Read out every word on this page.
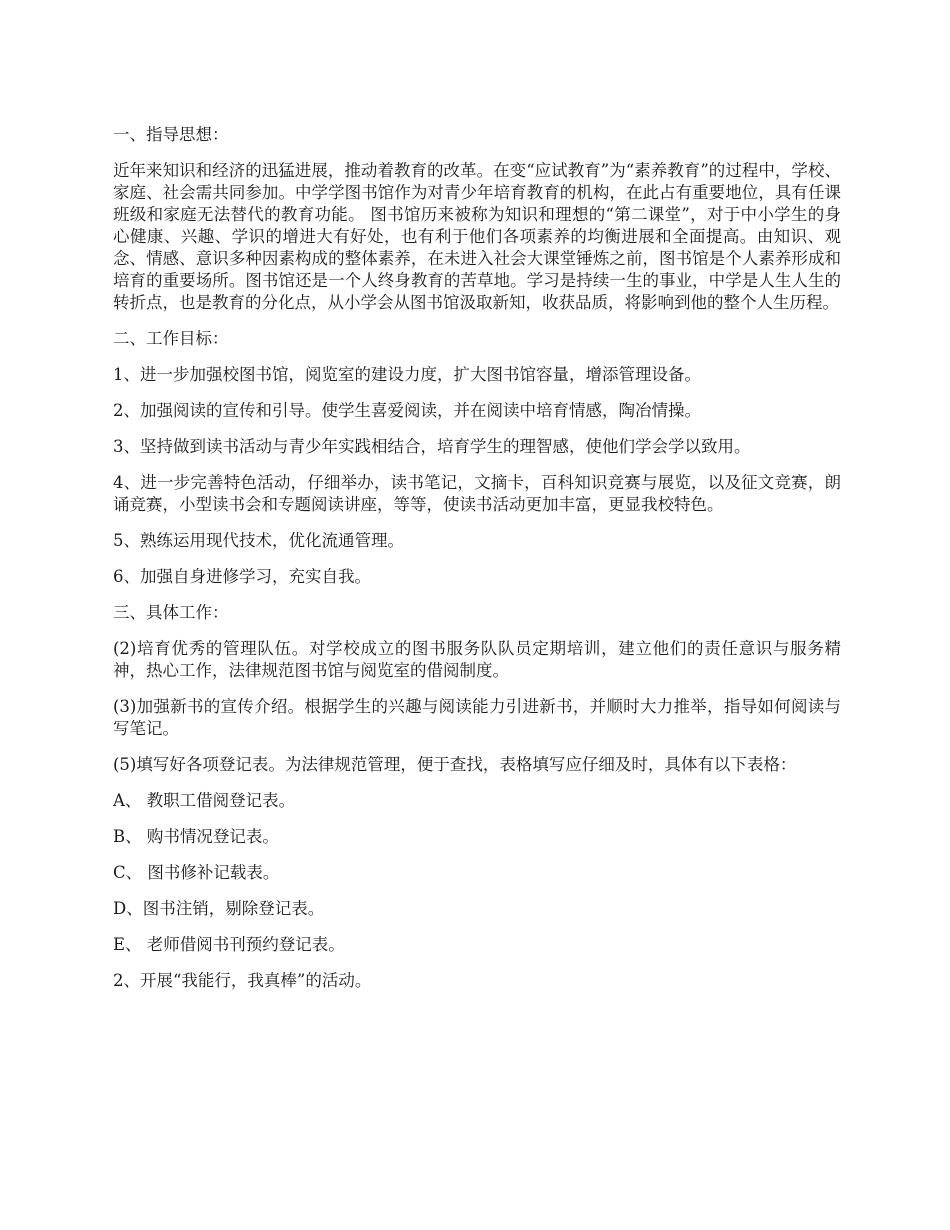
一、指导思想：

近年来知识和经济的迅猛进展，推动着教育的改革。在变“应试教育”为“素养教育”的过程中，学校、家庭、社会需共同参加。中学学图书馆作为对青少年培育教育的机构，在此占有重要地位，具有任课班级和家庭无法替代的教育功能。 图书馆历来被称为知识和理想的“第二课堂”，对于中小学生的身心健康、兴趣、学识的增进大有好处，也有利于他们各项素养的均衡进展和全面提高。由知识、观念、情感、意识多种因素构成的整体素养，在未进入社会大课堂锤炼之前，图书馆是个人素养形成和培育的重要场所。图书馆还是一个人终身教育的苦草地。学习是持续一生的事业，中学是人生人生的转折点，也是教育的分化点，从小学会从图书馆汲取新知，收获品质，将影响到他的整个人生历程。

二、工作目标：

1、进一步加强校图书馆，阅览室的建设力度，扩大图书馆容量，增添管理设备。

2、加强阅读的宣传和引导。使学生喜爱阅读，并在阅读中培育情感，陶冶情操。

3、坚持做到读书活动与青少年实践相结合，培育学生的理智感，使他们学会学以致用。

4、进一步完善特色活动，仔细举办，读书笔记，文摘卡，百科知识竞赛与展览，以及征文竞赛，朗诵竞赛，小型读书会和专题阅读讲座，等等，使读书活动更加丰富，更显我校特色。

5、熟练运用现代技术，优化流通管理。

6、加强自身进修学习，充实自我。

三、具体工作：

(2)培育优秀的管理队伍。对学校成立的图书服务队队员定期培训，建立他们的责任意识与服务精神，热心工作，法律规范图书馆与阅览室的借阅制度。

(3)加强新书的宣传介绍。根据学生的兴趣与阅读能力引进新书，并顺时大力推举，指导如何阅读与写笔记。

(5)填写好各项登记表。为法律规范管理，便于查找，表格填写应仔细及时，具体有以下表格：

A、 教职工借阅登记表。

B、 购书情况登记表。

C、 图书修补记载表。

D、图书注销，剔除登记表。

E、 老师借阅书刊预约登记表。

2、开展“我能行，我真棒”的活动。
